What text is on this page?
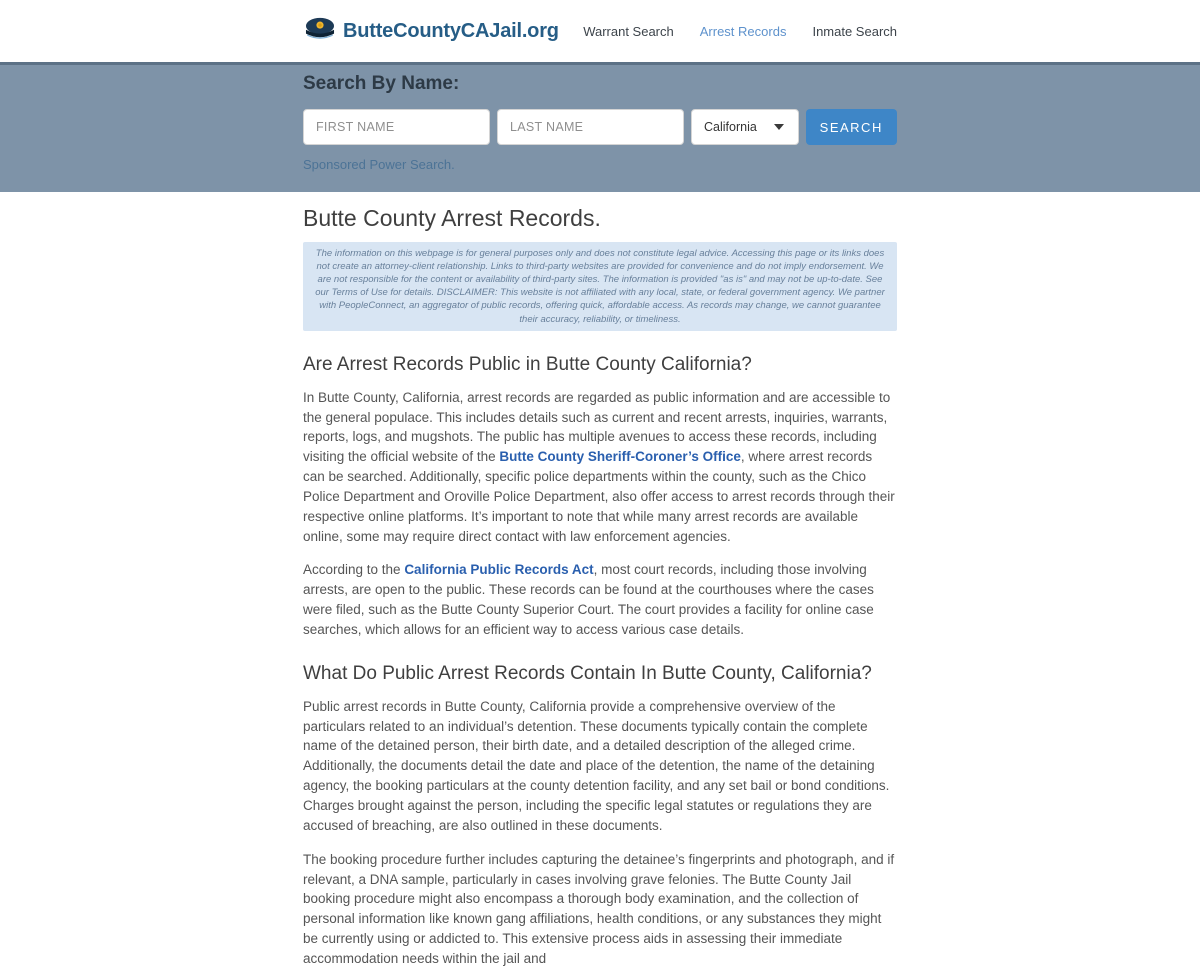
ButteCountyCAJail.org Warrant Search Arrest Records Inmate Search
Search By Name:
FIRST NAME
LAST NAME
California	SEARCH
Sponsored Power Search.
Butte County Arrest Records.
The information on this webpage is for general purposes only and does not constitute legal advice. Accessing this page or its links does not create an attorney-client relationship. Links to third-party websites are provided for convenience and do not imply endorsement. We are not responsible for the content or availability of third-party sites. The information is provided "as is" and may not be up-to-date. See our Terms of Use for details. DISCLAIMER: This website is not affiliated with any local, state, or federal government agency. We partner with PeopleConnect, an aggregator of public records, offering quick, affordable access. As records may change, we cannot guarantee their accuracy, reliability, or timeliness.
Are Arrest Records Public in Butte County California?

In Butte County, California, arrest records are regarded as public information and are accessible to the general populace. This includes details such as current and recent arrests, inquiries, warrants, reports, logs, and mugshots. The public has multiple avenues to access these records, including visiting the official website of the Butte County Sheriff-Coroner’s Office, where arrest records can be searched. Additionally, specific police departments within the county, such as the Chico Police Department and Oroville Police Department, also offer access to arrest records through their respective online platforms. It’s important to note that while many arrest records are available online, some may require direct contact with law enforcement agencies.

According to the California Public Records Act, most court records, including those involving arrests, are open to the public. These records can be found at the courthouses where the cases were filed, such as the Butte County Superior Court. The court provides a facility for online case searches, which allows for an efficient way to access various case details.

What Do Public Arrest Records Contain In Butte County, California?

Public arrest records in Butte County, California provide a comprehensive overview of the particulars related to an individual’s detention. These documents typically contain the complete name of the detained person, their birth date, and a detailed description of the alleged crime. Additionally, the documents detail the date and place of the detention, the name of the detaining agency, the booking particulars at the county detention facility, and any set bail or bond conditions. Charges brought against the person, including the specific legal statutes or regulations they are accused of breaching, are also outlined in these documents.

The booking procedure further includes capturing the detainee’s fingerprints and photograph, and if relevant, a DNA sample, particularly in cases involving grave felonies. The Butte County Jail booking procedure might also encompass a thorough body examination, and the collection of personal information like known gang affiliations, health conditions, or any substances they might be currently using or addicted to. This extensive process aids in assessing their immediate accommodation needs within the jail and
